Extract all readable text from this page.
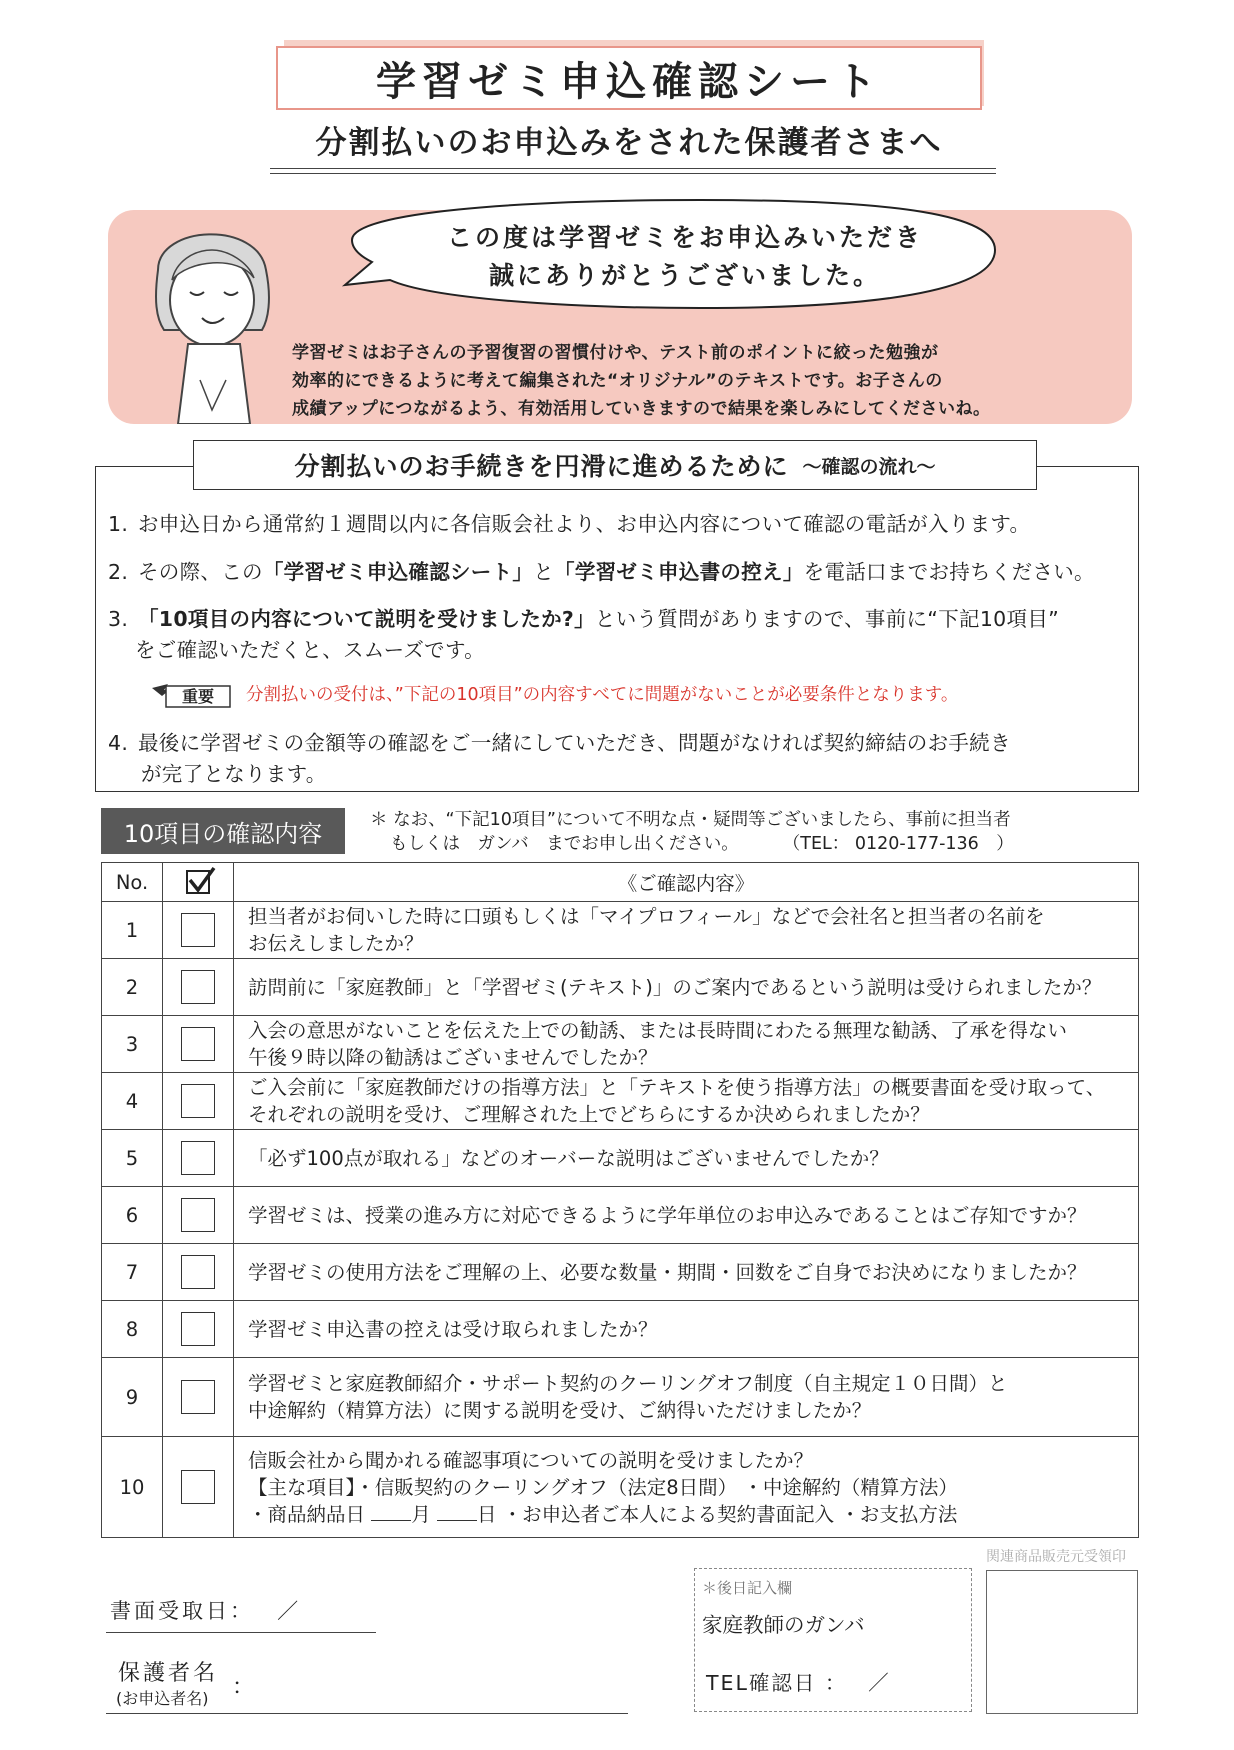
学習ゼミ申込確認シート
分割払いのお申込みをされた保護者さまへ
この度は学習ゼミをお申込みいただき
誠にありがとうございました。
学習ゼミはお子さんの予習復習の習慣付けや、テスト前のポイントに絞った勉強が
効率的にできるように考えて編集された“オリジナル”のテキストです。お子さんの
成績アップにつながるよう、有効活用していきますので結果を楽しみにしてくださいね。
分割払いのお手続きを円滑に進めるために ～確認の流れ～
1. お申込日から通常約１週間以内に各信販会社より、お申込内容について確認の電話が入ります。
2. その際、この「学習ゼミ申込確認シート」と「学習ゼミ申込書の控え」を電話口までお持ちください。
3. 「10項目の内容について説明を受けましたか?」という質問がありますので、事前に“下記10項目”
をご確認いただくと、スムーズです。
重要 分割払いの受付は、”下記の10項目”の内容すべてに問題がないことが必要条件となります。
4. 最後に学習ゼミの金額等の確認をご一緒にしていただき、問題がなければ契約締結のお手続き
が完了となります。
10項目の確認内容	＊ なお、“下記10項目”について不明な点・疑問等ございましたら、事前に担当者
もしくは　ガンバ　までお申し出ください。	（TEL： 0120-177-136　）
No.		《ご確認内容》
1		担当者がお伺いした時に口頭もしくは「マイプロフィール」などで会社名と担当者の名前を
お伝えしましたか？

2		訪問前に「家庭教師」と「学習ゼミ(テキスト)」のご案内であるという説明は受けられましたか？

3		入会の意思がないことを伝えた上での勧誘、または長時間にわたる無理な勧誘、了承を得ない
午後９時以降の勧誘はございませんでしたか？

4		ご入会前に「家庭教師だけの指導方法」と「テキストを使う指導方法」の概要書面を受け取って、
それぞれの説明を受け、ご理解された上でどちらにするか決められましたか？

5		「必ず100点が取れる」などのオーバーな説明はございませんでしたか？

6		学習ゼミは、授業の進み方に対応できるように学年単位のお申込みであることはご存知ですか？

7		学習ゼミの使用方法をご理解の上、必要な数量・期間・回数をご自身でお決めになりましたか？

8		学習ゼミ申込書の控えは受け取られましたか？

9		学習ゼミと家庭教師紹介・サポート契約のクーリングオフ制度（自主規定１０日間）と
中途解約（精算方法）に関する説明を受け、ご納得いただけましたか？

10		信販会社から聞かれる確認事項についての説明を受けましたか？
【主な項目】・信販契約のクーリングオフ（法定8日間） ・中途解約（精算方法）
・商品納品日 月 日 ・お申込者ご本人による契約書面記入 ・お支払方法
関連商品販売元受領印
＊後日記入欄
家庭教師のガンバ
TEL確認日 ：　 ／
書面受取日：　 ／
保護者名
(お申込者名) ：
